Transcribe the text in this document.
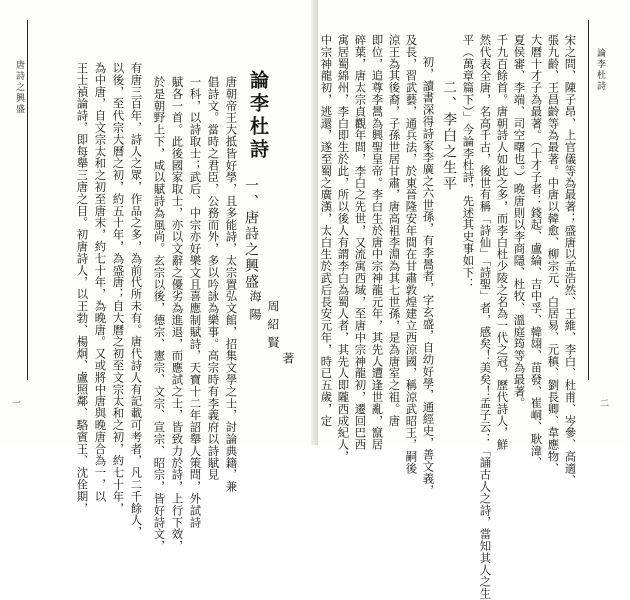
唐詩之興盛
一	唐朝帝王大抵皆好學，且多能詩，太宗置弘文館，招集文學之士，討論典籍，兼
倡詩文。當時之君臣，公務而外，多以吟詠為樂事。高宗時有李義府以詩賦見
一科，以詩取士；武后、中宗亦好樂文且喜應制賦詩，天寶十二年詔舉人策問，外試詩
賦各一首。此後國家取士，亦以文辭之優劣為進退，而應試之士，皆致力於詩，上行下效，
於是朝野上下，咸以賦詩為風尚。玄宗以後，德宗、憲宗、文宗、宣宗、昭宗，皆好詩文，
有唐三百年，詩人之眾，作品之多，為前代所未有。唐代詩人有記載可考者，凡二千餘人，
以後，至代宗大曆之初，約五十年，為盛唐；自大曆之初至文宗太和之初，約七十年，
為中唐，自文宗太和之初至唐末，約七十年，為晚唐。又或將中唐與晚唐合為一，以
王士禎論詩，即每舉三唐之目。初唐詩人，以王勃、楊炯、盧照鄰、駱賓王、沈佺期，	論李杜詩
一、唐詩之興盛
海陽 周紹賢
著
論李杜詩
二
宋之問、陳子昂、上官儀等為最著；盛唐以孟浩然、王維、李白、杜甫、岑參、高適、
張九齡、王昌齡等為最著。中唐以韓愈、柳宗元、白居易、元稹、劉長卿、韋應物、
大曆十才子為最著。（十才子者：錢起、盧綸、吉中孚、韓翃、苗發、崔峒、耿湋、
夏侯審、李端、司空曙也。）晚唐則以李商隱、杜牧、溫庭筠等為最著。
千九百餘首。唐朝詩人如此之多，而李白杜少陵之名為一代之冠，歷代詩人，鮮
然代表全唐，名高千古，後世有稱「詩仙」「詩聖」者，感矣！美矣！孟子云：「誦古人之詩，當知其人之生
平（萬章篇下）」今論李杜詩，先述其史事如下：
二、李白之生平
初，讀書深得詩家李廣之六世孫，有李暠者，字玄盛，自幼好學，通經史，善文義，
及長，習武藝，通兵法，於東晉隆安年間在甘肅敦煌建立西涼國，稱涼武昭王，嗣後
涼王為其後裔，子孫世居甘肅，唐高祖李淵為其七世孫，是為唐室之祖。唐
即位，追尊李暠為興聖皇帝。李白生於唐中宗神龍元年，其先人遭逢世亂，竄居
碎葉，唐太宗貞觀年間，李白之先世，又流寓西域，至唐中宗神龍初，遷回巴西
寓居蜀綿州，李白即生於此，所以後人有謂李白為蜀人者，其先人即隴西成紀人，
中宗神龍初，逃還，遂至蜀之廣漢，太白生於武后長安元年，時已五歲，定
